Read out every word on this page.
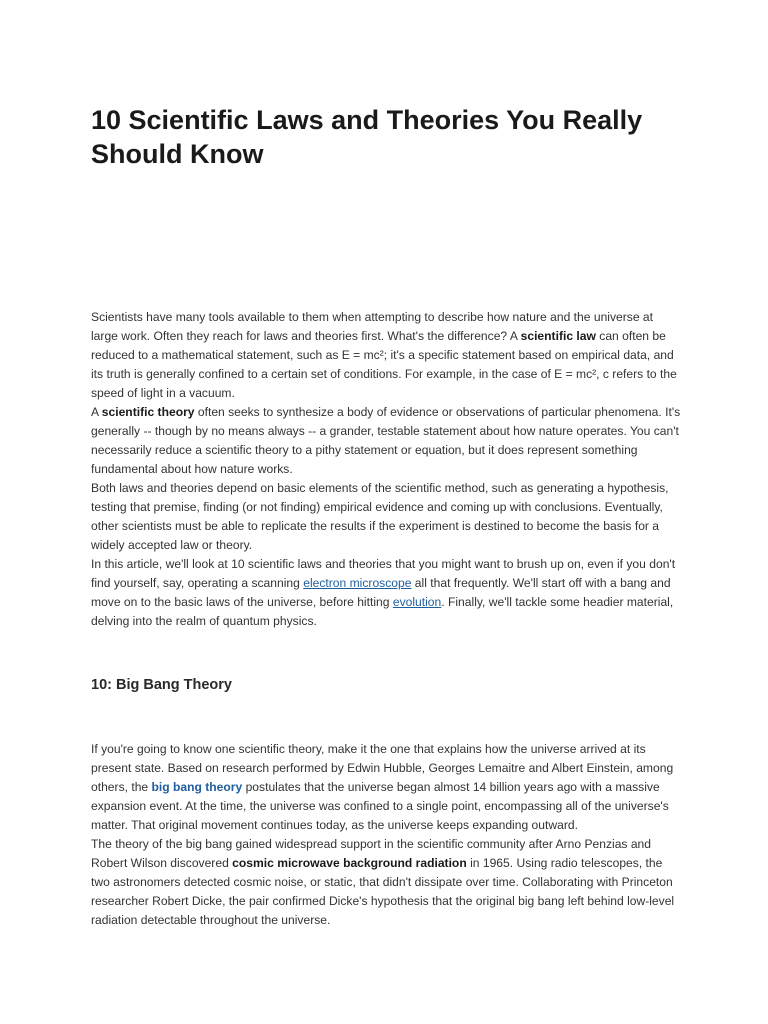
10 Scientific Laws and Theories You Really Should Know

Scientists have many tools available to them when attempting to describe how nature and the universe at large work. Often they reach for laws and theories first. What's the difference? A scientific law can often be reduced to a mathematical statement, such as E = mc²; it's a specific statement based on empirical data, and its truth is generally confined to a certain set of conditions. For example, in the case of E = mc², c refers to the speed of light in a vacuum.

A scientific theory often seeks to synthesize a body of evidence or observations of particular phenomena. It's generally -- though by no means always -- a grander, testable statement about how nature operates. You can't necessarily reduce a scientific theory to a pithy statement or equation, but it does represent something fundamental about how nature works.

Both laws and theories depend on basic elements of the scientific method, such as generating a hypothesis, testing that premise, finding (or not finding) empirical evidence and coming up with conclusions. Eventually, other scientists must be able to replicate the results if the experiment is destined to become the basis for a widely accepted law or theory.

In this article, we'll look at 10 scientific laws and theories that you might want to brush up on, even if you don't find yourself, say, operating a scanning electron microscope all that frequently. We'll start off with a bang and move on to the basic laws of the universe, before hitting evolution. Finally, we'll tackle some headier material, delving into the realm of quantum physics.

10: Big Bang Theory

If you're going to know one scientific theory, make it the one that explains how the universe arrived at its present state. Based on research performed by Edwin Hubble, Georges Lemaitre and Albert Einstein, among others, the big bang theory postulates that the universe began almost 14 billion years ago with a massive expansion event. At the time, the universe was confined to a single point, encompassing all of the universe's matter. That original movement continues today, as the universe keeps expanding outward.

The theory of the big bang gained widespread support in the scientific community after Arno Penzias and Robert Wilson discovered cosmic microwave background radiation in 1965. Using radio telescopes, the two astronomers detected cosmic noise, or static, that didn't dissipate over time. Collaborating with Princeton researcher Robert Dicke, the pair confirmed Dicke's hypothesis that the original big bang left behind low-level radiation detectable throughout the universe.
